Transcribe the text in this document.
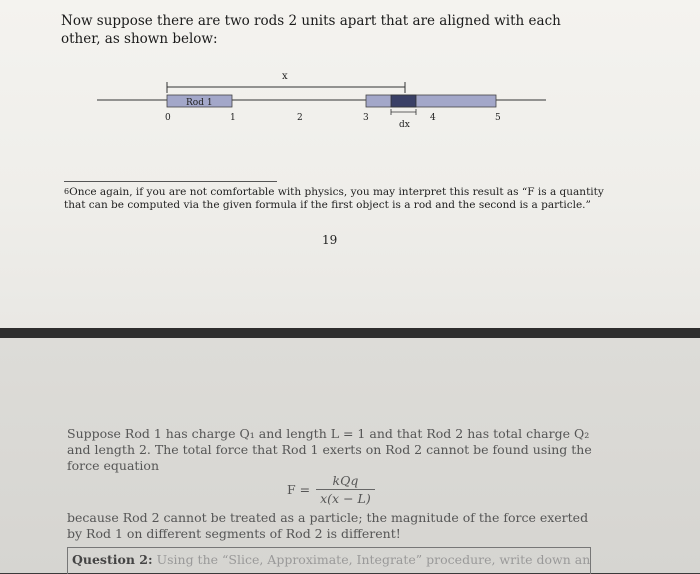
Now suppose there are two rods 2 units apart that are aligned with each other, as shown below:
x
Rod 1
dx
0	1	2	3	4	5
$^6$Once again, if you are not comfortable with physics, you may interpret this result as “F is a quantity that can be computed via the given formula if the first object is a rod and the second is a particle.”
19
Suppose Rod 1 has charge Q₁ and length L = 1 and that Rod 2 has total charge Q₂ and length 2. The total force that Rod 1 exerts on Rod 2 cannot be found using the force equation
$F = \frac{\text{kQq}}{x(x - L)}$
because Rod 2 cannot be treated as a particle; the magnitude of the force exerted by Rod 1 on different segments of Rod 2 is different!
Question 2: Using the “Slice, Approximate, Integrate” procedure, write down an
